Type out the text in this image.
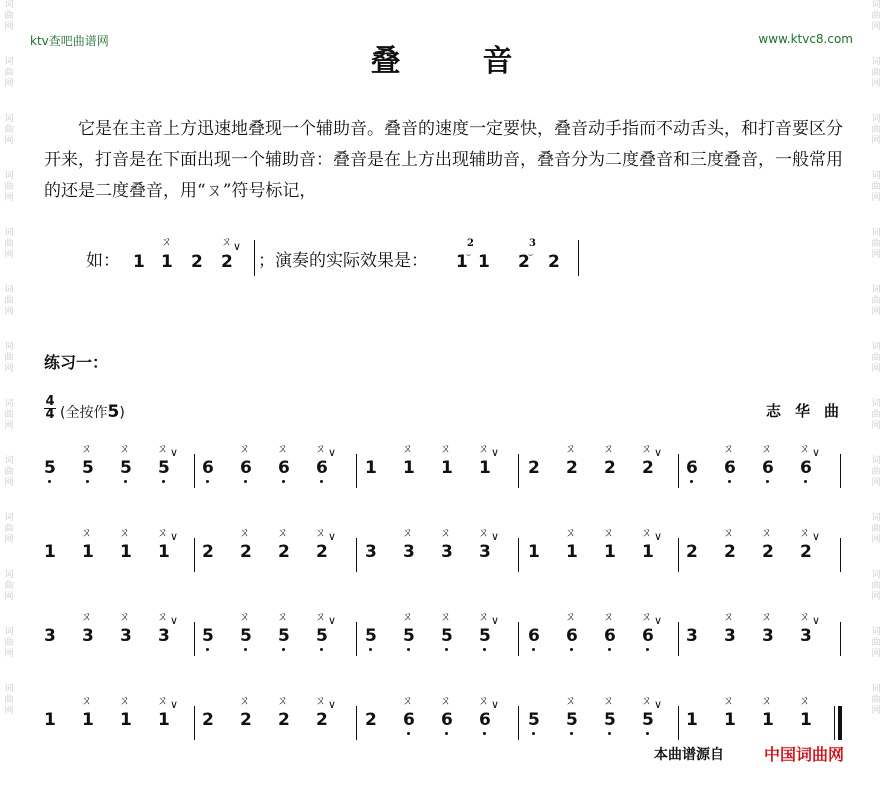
词
曲
网
词
曲
网
词
曲
网
词
曲
网
词
曲
网
词
曲
网
词
曲
网
词
曲
网
词
曲
网
词
曲
网
词
曲
网
词
曲
网
词
曲
网
词
曲
网
词
曲
网
词
曲
网
词
曲
网
词
曲
网
词
曲
网
词
曲
网
词
曲
网
词
曲
网
词
曲
网
词
曲
网
词
曲
网
词
曲
网
ktv查吧曲谱网	www.ktvc8.com
叠	音
它是在主音上方迅速地叠现一个辅助音。叠音的速度一定要快，叠音动手指而不动舌头，和打音要区分开来，打音是在下面出现一个辅助音：叠音是在上方出现辅助音，叠音分为二度叠音和三度叠音，一般常用的还是二度叠音，用“ㄡ”符号标记，
如：	；演奏的实际效果是：
1 1
ㄡ
2 2
ㄡ ∨
1
2
⌣ 1 2
3
⌣ 2
练习一：
4
4 (全按作5)	志华曲
5 5
ㄡ
5
ㄡ
5
ㄡ ∨
6 6
ㄡ
6
ㄡ
6
ㄡ ∨
1 1
ㄡ
1
ㄡ
1
ㄡ ∨
2 2
ㄡ
2
ㄡ
2
ㄡ ∨
6 6
ㄡ
6
ㄡ
6
ㄡ ∨
1 1
ㄡ
1
ㄡ
1
ㄡ ∨
2 2
ㄡ
2
ㄡ
2
ㄡ ∨
3 3
ㄡ
3
ㄡ
3
ㄡ ∨
1 1
ㄡ
1
ㄡ
1
ㄡ ∨
2 2
ㄡ
2
ㄡ
2
ㄡ ∨
3 3
ㄡ
3
ㄡ
3
ㄡ ∨
5 5
ㄡ
5
ㄡ
5
ㄡ ∨
5 5
ㄡ
5
ㄡ
5
ㄡ ∨
6 6
ㄡ
6
ㄡ
6
ㄡ ∨
3 3
ㄡ
3
ㄡ
3
ㄡ ∨
1 1
ㄡ
1
ㄡ
1
ㄡ ∨
2 2
ㄡ
2
ㄡ
2
ㄡ ∨
2 6
ㄡ
6
ㄡ
6
ㄡ ∨
5 5
ㄡ
5
ㄡ
5
ㄡ ∨
1 1
ㄡ
1
ㄡ
1
ㄡ
本曲谱源自	中国词曲网
